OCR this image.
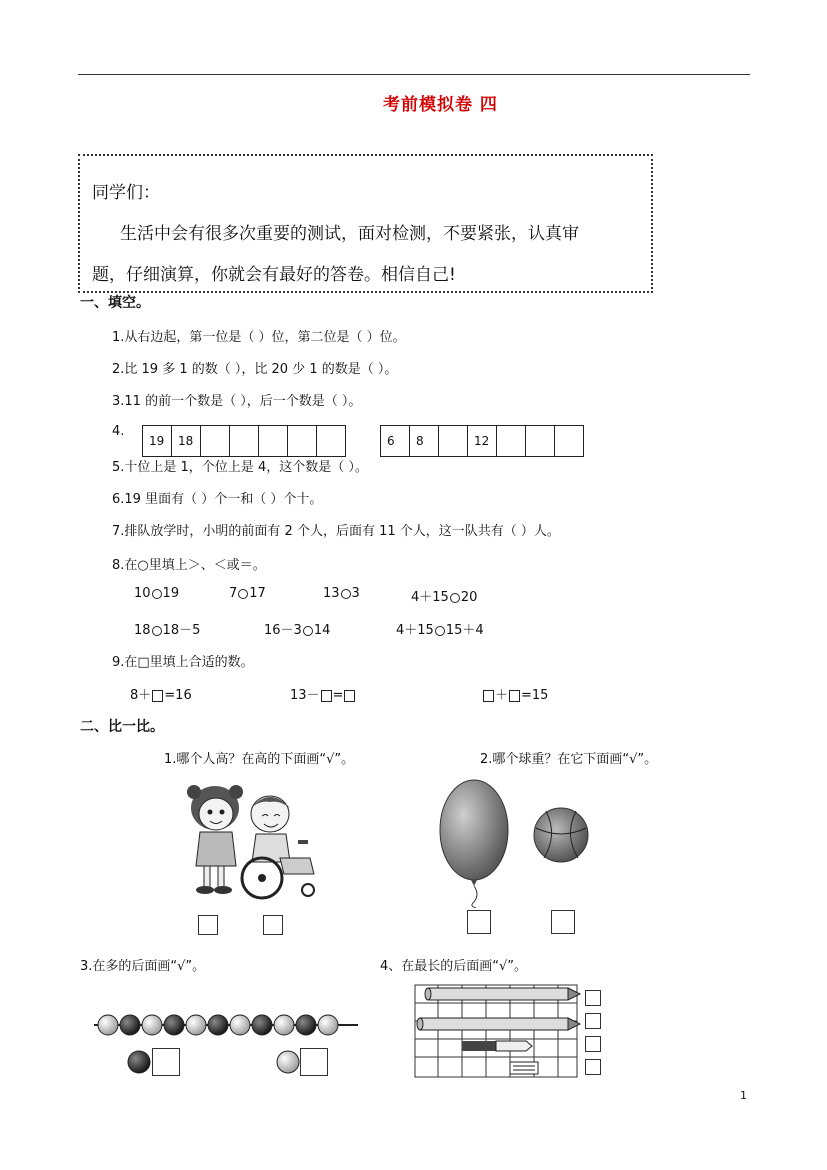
考前模拟卷 四
同学们：
生活中会有很多次重要的测试，面对检测，不要紧张，认真审
题，仔细演算，你就会有最好的答卷。相信自己!
一、填空。
1.从右边起，第一位是（ ）位，第二位是（ ）位。
2.比 19 多 1 的数（ ），比 20 少 1 的数是（ ）。
3.11 的前一个数是（ ），后一个数是（ ）。
4.
19	18						6	8		12			
5.十位上是 1，个位上是 4，这个数是（ ）。
6.19 里面有（ ）个一和（ ）个十。
7.排队放学时，小明的前面有 2 个人，后面有 11 个人，这一队共有（ ）人。
8.在○里填上＞、＜或＝。
10 19	7 17	13 3	4＋15 20
18 18－5	16－3 14	4＋15 15＋4
9.在□里填上合适的数。
8＋ =16	13－ =	＋ =15
二、比一比。
1.哪个人高？在高的下面画“√”。	2.哪个球重？在它下面画“√”。
3.在多的后面画“√”。	4、在最长的后面画“√”。
1
